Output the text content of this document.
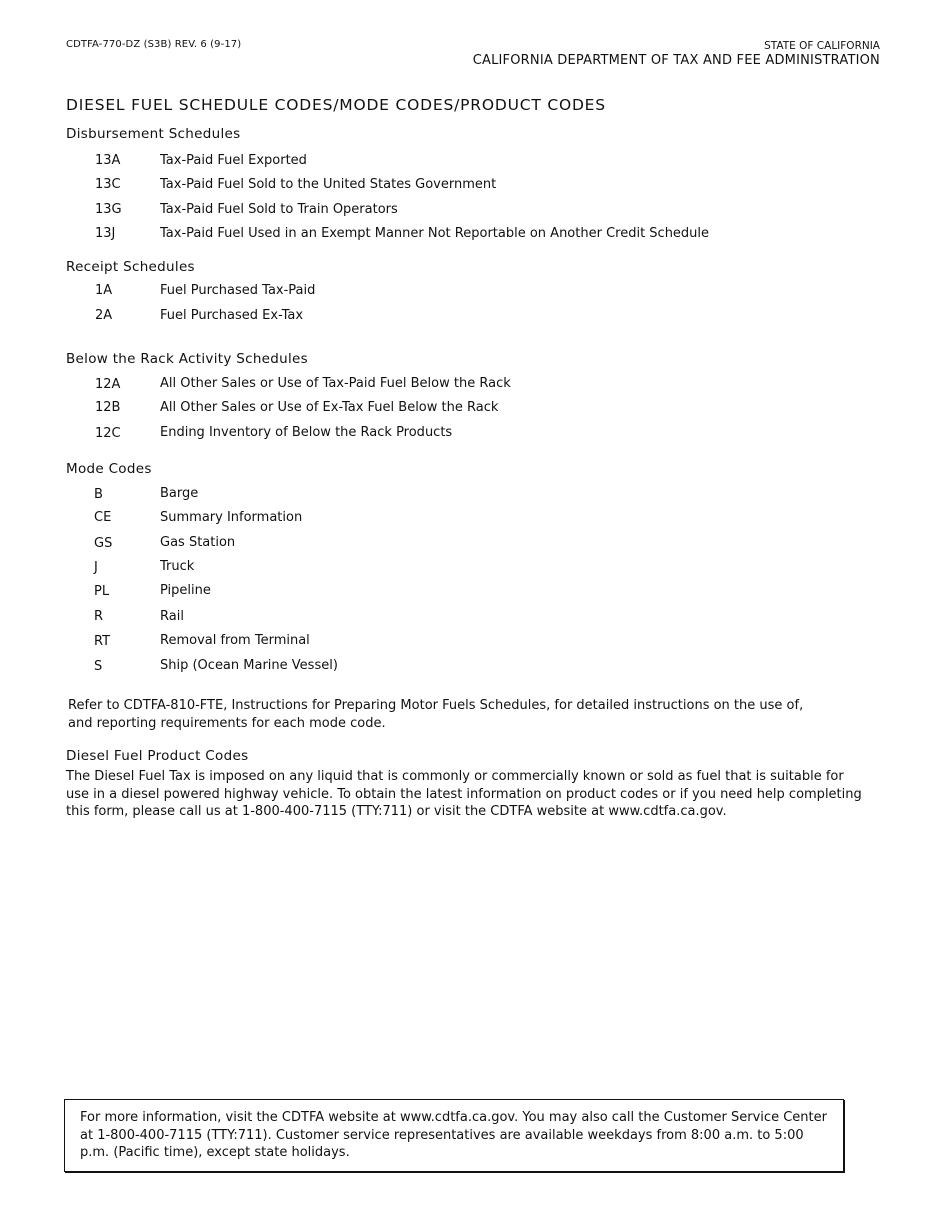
CDTFA-770-DZ (S3B) REV. 6 (9-17)	STATE OF CALIFORNIA
CALIFORNIA DEPARTMENT OF TAX AND FEE ADMINISTRATION
DIESEL FUEL SCHEDULE CODES/MODE CODES/PRODUCT CODES
Disbursement Schedules
13A	Tax-Paid Fuel Exported
13C	Tax-Paid Fuel Sold to the United States Government
13G	Tax-Paid Fuel Sold to Train Operators
13J	Tax-Paid Fuel Used in an Exempt Manner Not Reportable on Another Credit Schedule
Receipt Schedules
1A	Fuel Purchased Tax-Paid
2A	Fuel Purchased Ex-Tax
Below the Rack Activity Schedules
12A	All Other Sales or Use of Tax-Paid Fuel Below the Rack
12B	All Other Sales or Use of Ex-Tax Fuel Below the Rack
12C	Ending Inventory of Below the Rack Products
Mode Codes
B	Barge
CE	Summary Information
GS	Gas Station
J	Truck
PL	Pipeline
R	Rail
RT	Removal from Terminal
S	Ship (Ocean Marine Vessel)

Refer to CDTFA-810-FTE, Instructions for Preparing Motor Fuels Schedules, for detailed instructions on the use of, and reporting requirements for each mode code.

Diesel Fuel Product Codes

The Diesel Fuel Tax is imposed on any liquid that is commonly or commercially known or sold as fuel that is suitable for use in a diesel powered highway vehicle. To obtain the latest information on product codes or if you need help completing this form, please call us at 1-800-400-7115 (TTY:711) or visit the CDTFA website at www.cdtfa.ca.gov.

For more information, visit the CDTFA website at www.cdtfa.ca.gov. You may also call the Customer Service Center at 1-800-400-7115 (TTY:711). Customer service representatives are available weekdays from 8:00 a.m. to 5:00 p.m. (Pacific time), except state holidays.
